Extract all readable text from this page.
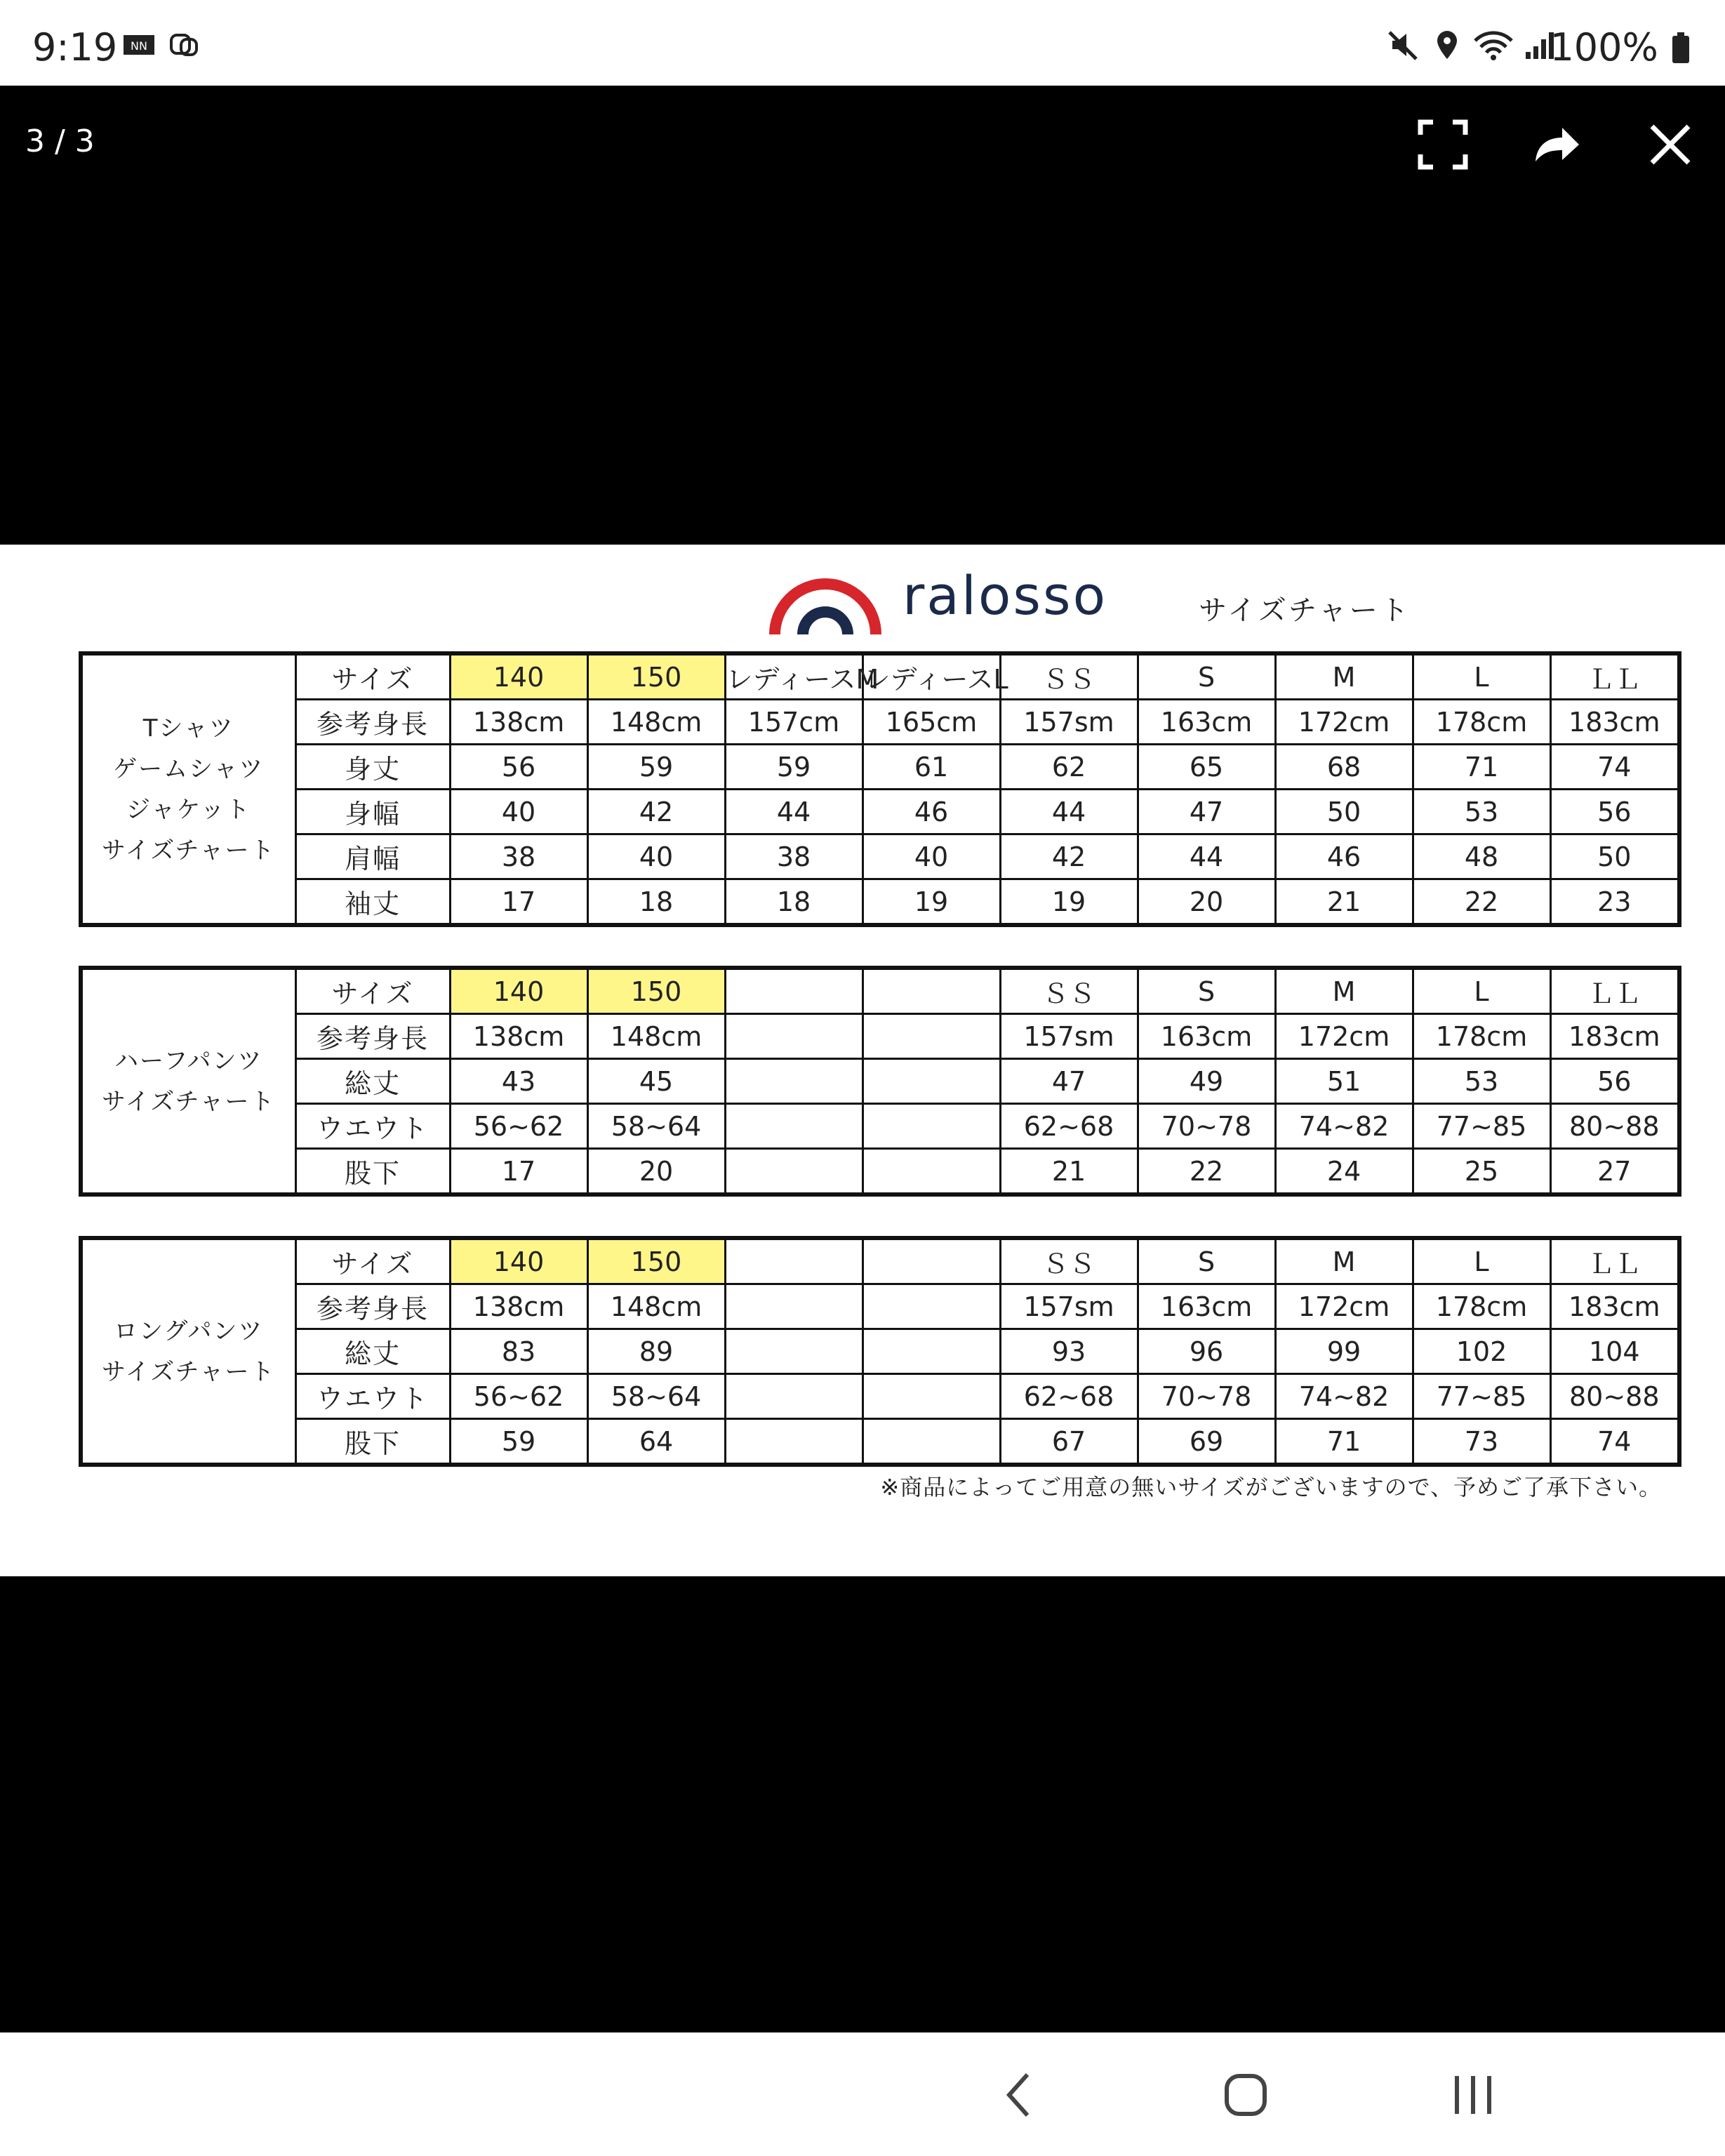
9:19 NN	100%
3 / 3
ralosso	サイズチャート
Tシャツ
ゲームシャツ
ジャケット
サイズチャート	サイズ	140	150	レディースM	レディースL	ＳＳ	S	M	L	ＬＬ
	参考身長	138cm	148cm	157cm	165cm	157sm	163cm	172cm	178cm	183cm
	身丈	56	59	59	61	62	65	68	71	74
	身幅	40	42	44	46	44	47	50	53	56
	肩幅	38	40	38	40	42	44	46	48	50
	袖丈	17	18	18	19	19	20	21	22	23
ハーフパンツ
サイズチャート	サイズ	140	150			ＳＳ	S	M	L	ＬＬ
	参考身長	138cm	148cm			157sm	163cm	172cm	178cm	183cm
	総丈	43	45			47	49	51	53	56
	ウエウト	56~62	58~64			62~68	70~78	74~82	77~85	80~88
	股下	17	20			21	22	24	25	27
ロングパンツ
サイズチャート	サイズ	140	150			ＳＳ	S	M	L	ＬＬ
	参考身長	138cm	148cm			157sm	163cm	172cm	178cm	183cm
	総丈	83	89			93	96	99	102	104
	ウエウト	56~62	58~64			62~68	70~78	74~82	77~85	80~88
	股下	59	64			67	69	71	73	74
※商品によってご用意の無いサイズがございますので、予めご了承下さい。
